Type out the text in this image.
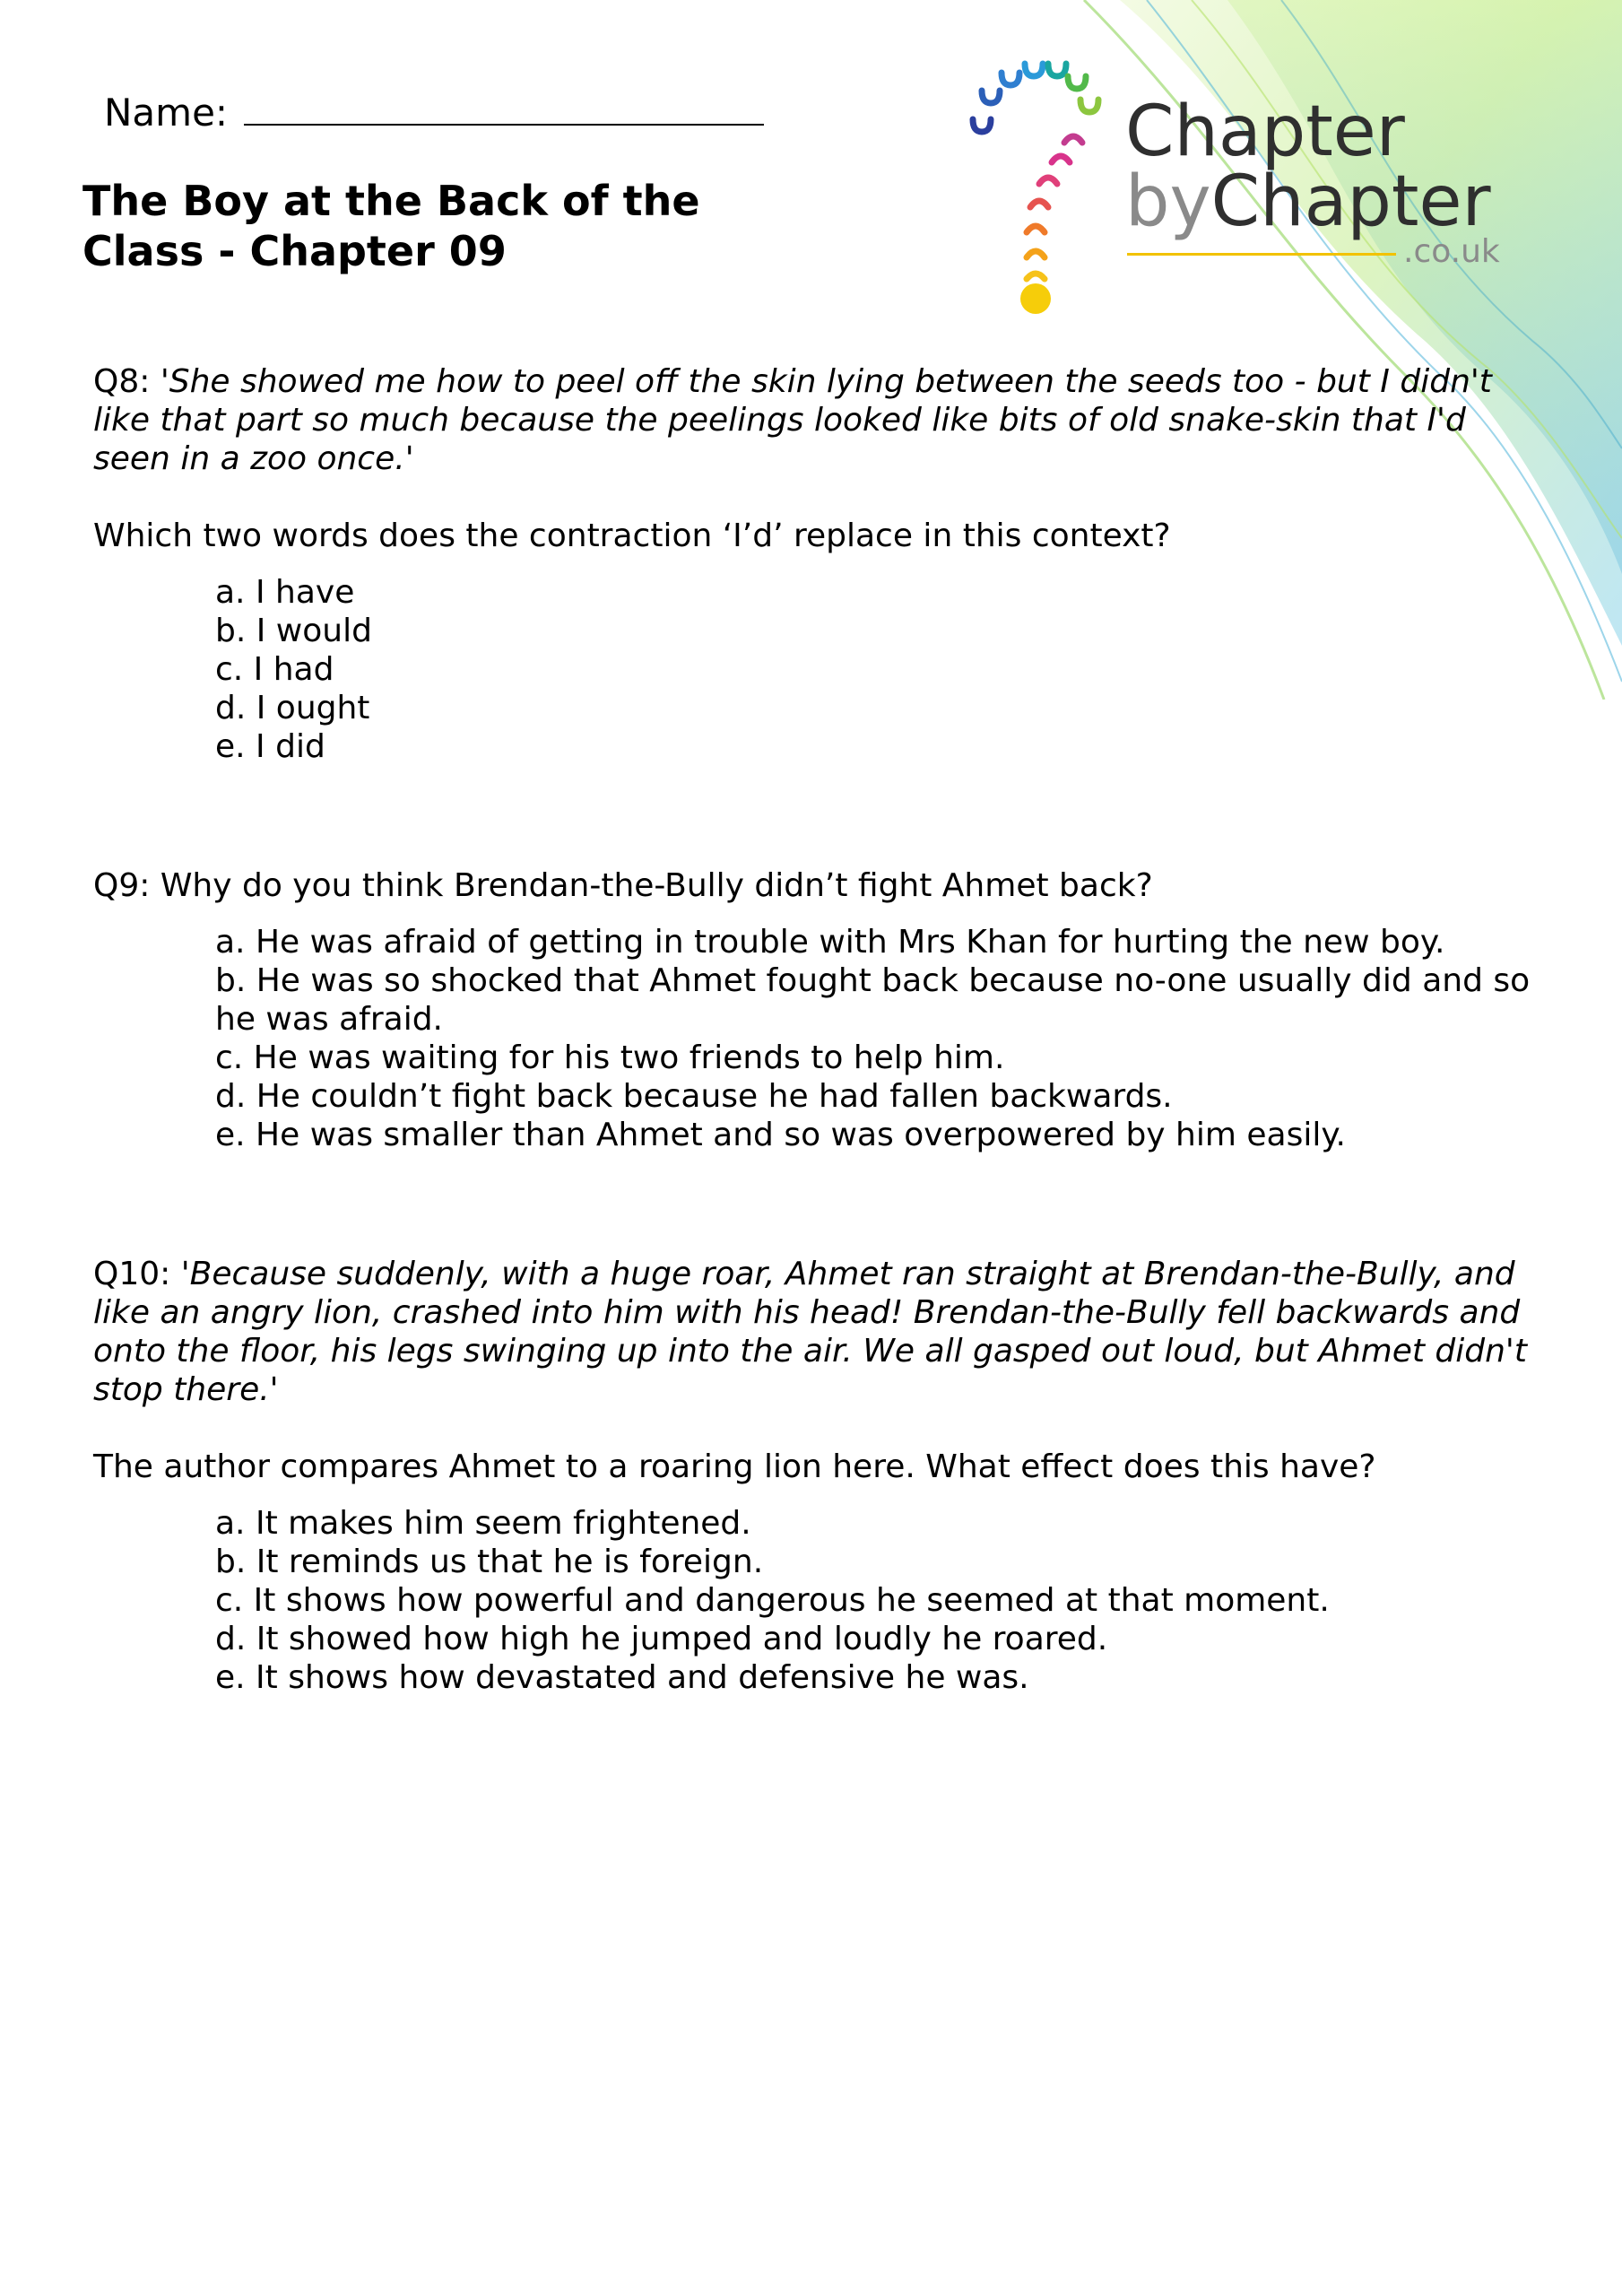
Name:
The Boy at the Back of the Class - Chapter 09
Chapter
byChapter
.co.uk

Q8: 'She showed me how to peel off the skin lying between the seeds too - but I didn't like that part so much because the peelings looked like bits of old snake-skin that I'd seen in a zoo once.'

Which two words does the contraction ‘I’d’ replace in this context?

a. I have
b. I would
c. I had
d. I ought
e. I did

Q9: Why do you think Brendan-the-Bully didn’t fight Ahmet back?

a. He was afraid of getting in trouble with Mrs Khan for hurting the new boy.
b. He was so shocked that Ahmet fought back because no-one usually did and so he was afraid.
c. He was waiting for his two friends to help him.
d. He couldn’t fight back because he had fallen backwards.
e. He was smaller than Ahmet and so was overpowered by him easily.

Q10: 'Because suddenly, with a huge roar, Ahmet ran straight at Brendan-the-Bully, and like an angry lion, crashed into him with his head! Brendan-the-Bully fell backwards and onto the floor, his legs swinging up into the air. We all gasped out loud, but Ahmet didn't stop there.'

The author compares Ahmet to a roaring lion here. What effect does this have?

a. It makes him seem frightened.
b. It reminds us that he is foreign.
c. It shows how powerful and dangerous he seemed at that moment.
d. It showed how high he jumped and loudly he roared.
e. It shows how devastated and defensive he was.
